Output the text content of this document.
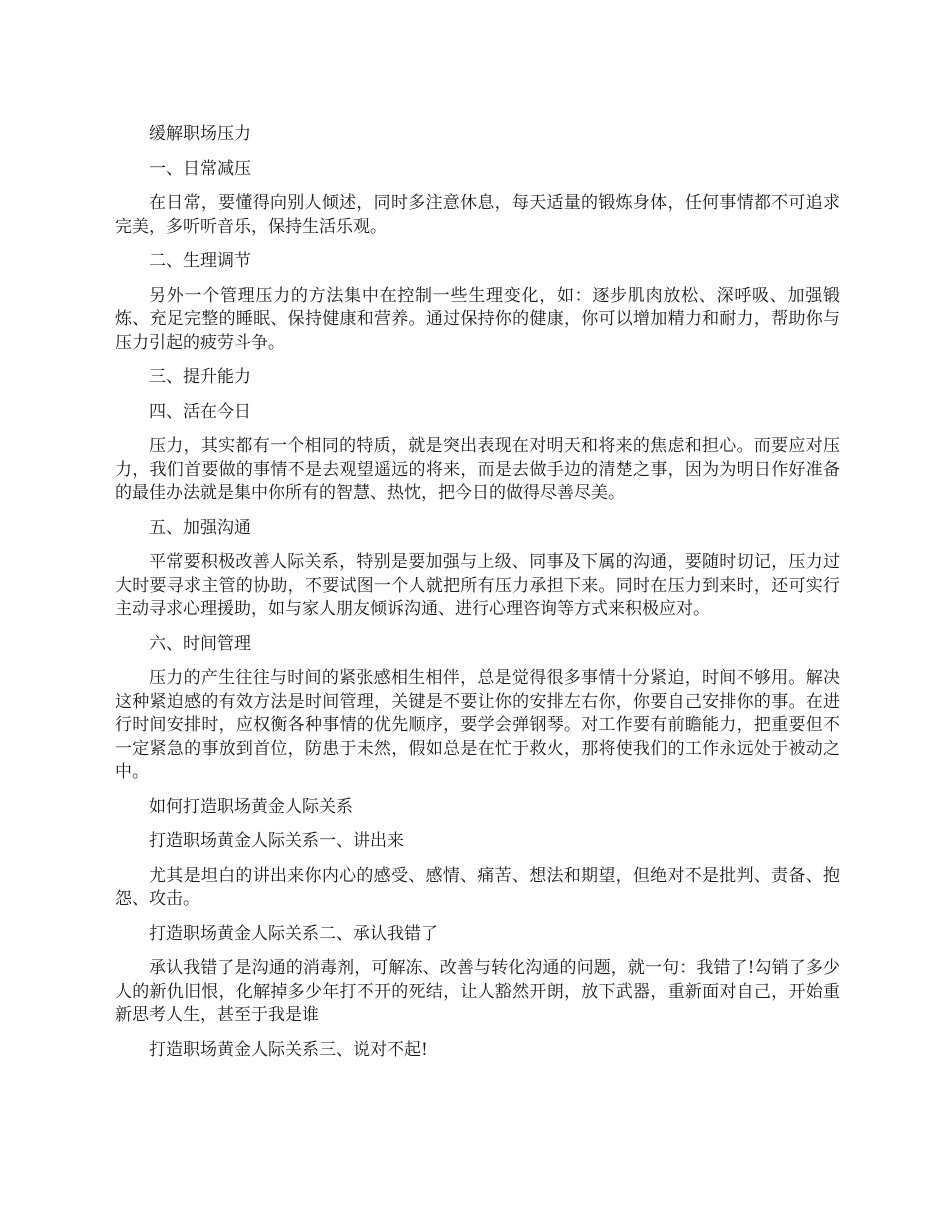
缓解职场压力

一、日常减压

在日常，要懂得向别人倾述，同时多注意休息，每天适量的锻炼身体，任何事情都不可追求完美，多听听音乐，保持生活乐观。

二、生理调节

另外一个管理压力的方法集中在控制一些生理变化，如：逐步肌肉放松、深呼吸、加强锻炼、充足完整的睡眠、保持健康和营养。通过保持你的健康，你可以增加精力和耐力，帮助你与压力引起的疲劳斗争。

三、提升能力

四、活在今日

压力，其实都有一个相同的特质，就是突出表现在对明天和将来的焦虑和担心。而要应对压力，我们首要做的事情不是去观望遥远的将来，而是去做手边的清楚之事，因为为明日作好准备的最佳办法就是集中你所有的智慧、热忱，把今日的做得尽善尽美。

五、加强沟通

平常要积极改善人际关系，特别是要加强与上级、同事及下属的沟通，要随时切记，压力过大时要寻求主管的协助，不要试图一个人就把所有压力承担下来。同时在压力到来时，还可实行主动寻求心理援助，如与家人朋友倾诉沟通、进行心理咨询等方式来积极应对。

六、时间管理

压力的产生往往与时间的紧张感相生相伴，总是觉得很多事情十分紧迫，时间不够用。解决这种紧迫感的有效方法是时间管理，关键是不要让你的安排左右你，你要自己安排你的事。在进行时间安排时，应权衡各种事情的优先顺序，要学会弹钢琴。对工作要有前瞻能力，把重要但不一定紧急的事放到首位，防患于未然，假如总是在忙于救火，那将使我们的工作永远处于被动之中。

如何打造职场黄金人际关系

打造职场黄金人际关系一、讲出来

尤其是坦白的讲出来你内心的感受、感情、痛苦、想法和期望，但绝对不是批判、责备、抱怨、攻击。

打造职场黄金人际关系二、承认我错了

承认我错了是沟通的消毒剂，可解冻、改善与转化沟通的问题，就一句：我错了!勾销了多少人的新仇旧恨，化解掉多少年打不开的死结，让人豁然开朗，放下武器，重新面对自己，开始重新思考人生，甚至于我是谁

打造职场黄金人际关系三、说对不起!
